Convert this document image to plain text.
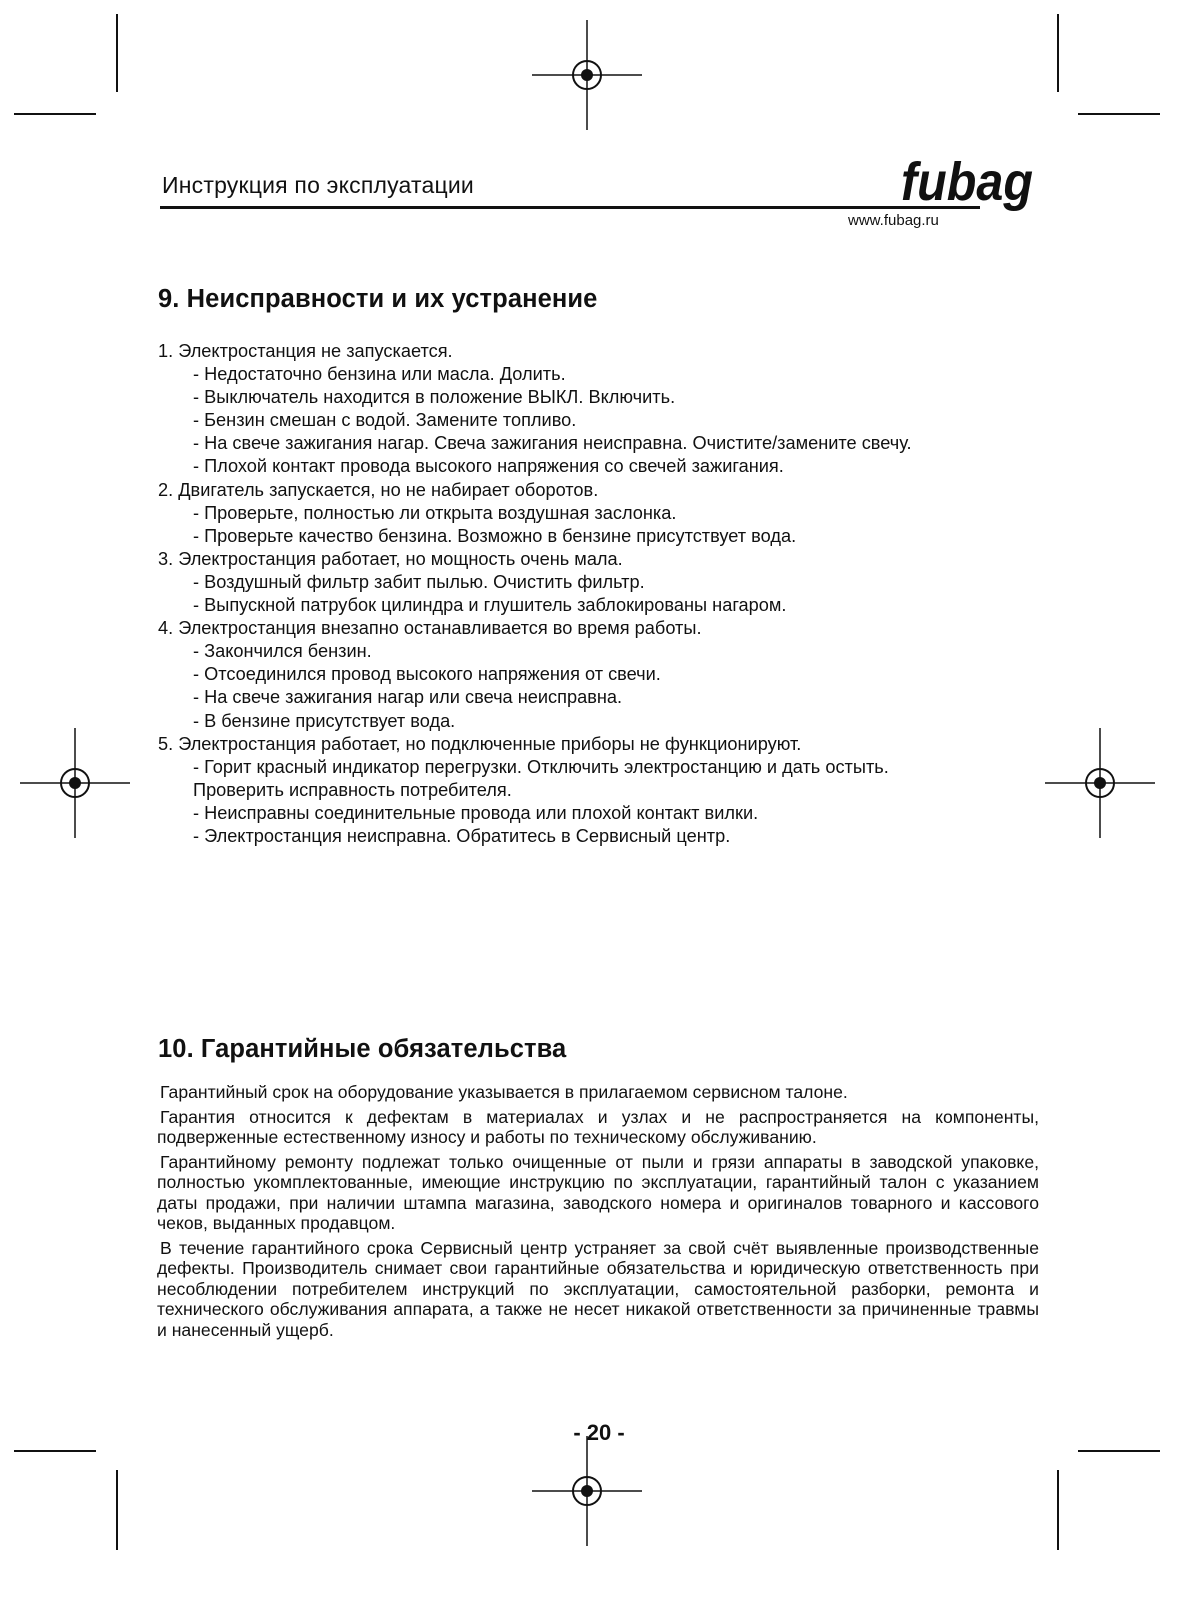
Инструкция по эксплуатации	fubag
www.fubag.ru
9. Неисправности и их устранение
1. Электростанция не запускается.
- Недостаточно бензина или масла. Долить.
- Выключатель находится в положение ВЫКЛ. Включить.
- Бензин смешан с водой. Замените топливо.
- На свече зажигания нагар. Свеча зажигания неисправна. Очистите/замените свечу.
- Плохой контакт провода высокого напряжения со свечей зажигания.
2. Двигатель запускается, но не набирает оборотов.
- Проверьте, полностью ли открыта воздушная заслонка.
- Проверьте качество бензина. Возможно в бензине присутствует вода.
3. Электростанция работает, но мощность очень мала.
- Воздушный фильтр забит пылью. Очистить фильтр.
- Выпускной патрубок цилиндра и глушитель заблокированы нагаром.
4. Электростанция внезапно останавливается во время работы.
- Закончился бензин.
- Отсоединился провод высокого напряжения от свечи.
- На свече зажигания нагар или свеча неисправна.
- В бензине присутствует вода.
5. Электростанция работает, но подключенные приборы не функционируют.
- Горит красный индикатор перегрузки. Отключить электростанцию и дать остыть.
Проверить исправность потребителя.
- Неисправны соединительные провода или плохой контакт вилки.
- Электростанция неисправна. Обратитесь в Сервисный центр.
10. Гарантийные обязательства

Гарантийный срок на оборудование указывается в прилагаемом сервисном талоне.

Гарантия относится к дефектам в материалах и узлах и не распространяется на компоненты, подверженные естественному износу и работы по техническому обслуживанию.

Гарантийному ремонту подлежат только очищенные от пыли и грязи аппараты в заводской упаковке, полностью укомплектованные, имеющие инструкцию по эксплуатации, гарантийный талон с указанием даты продажи, при наличии штампа магазина, заводского номера и оригиналов товарного и кассового чеков, выданных продавцом.

В течение гарантийного срока Сервисный центр устраняет за свой счёт выявленные производственные дефекты. Производитель снимает свои гарантийные обязательства и юридическую ответственность при несоблюдении потребителем инструкций по эксплуатации, самостоятельной разборки, ремонта и технического обслуживания аппарата, а также не несет никакой ответственности за причиненные травмы и нанесенный ущерб.

- 20 -
